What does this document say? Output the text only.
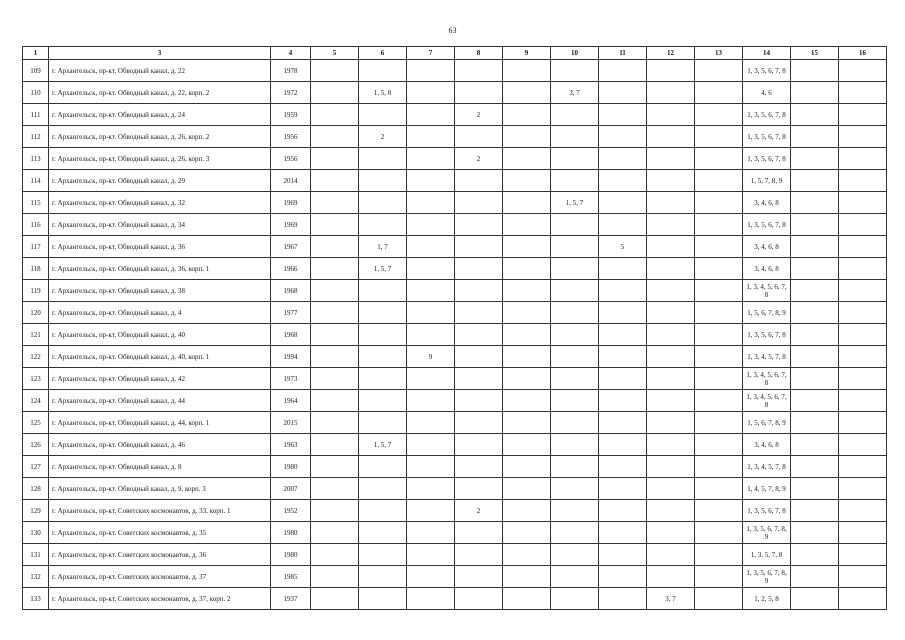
63
1	3	4	5	6	7	8	9	10	11	12	13	14	15	16
109	г. Архангельск, пр-кт. Обводный канал, д. 22	1978										1, 3, 5, 6, 7, 8		
110	г. Архангельск, пр-кт. Обводный канал, д. 22, корп. 2	1972		1, 5, 8				3, 7				4, 6		
111	г. Архангельск, пр-кт. Обводный канал, д. 24	1959				2						1, 3, 5, 6, 7, 8		
112	г. Архангельск, пр-кт. Обводный канал, д. 26, корп. 2	1956		2								1, 3, 5, 6, 7, 8		
113	г. Архангельск, пр-кт. Обводный канал, д. 26, корп. 3	1956				2						1, 3, 5, 6, 7, 8		
114	г. Архангельск, пр-кт. Обводный канал, д. 29	2014										1, 5, 7, 8, 9		
115	г. Архангельск, пр-кт. Обводный канал, д. 32	1969						1, 5, 7				3, 4, 6, 8		
116	г. Архангельск, пр-кт. Обводный канал, д. 34	1969										1, 3, 5, 6, 7, 8		
117	г. Архангельск, пр-кт. Обводный канал, д. 36	1967		1, 7					5			3, 4, 6, 8		
118	г. Архангельск, пр-кт. Обводный канал, д. 36, корп. 1	1966		1, 5, 7								3, 4, 6, 8		
119	г. Архангельск, пр-кт. Обводный канал, д. 38	1968										1, 3, 4, 5, 6, 7, 8		
120	г. Архангельск, пр-кт. Обводный канал, д. 4	1977										1, 5, 6, 7, 8, 9		
121	г. Архангельск, пр-кт. Обводный канал, д. 40	1968										1, 3, 5, 6, 7, 8		
122	г. Архангельск, пр-кт. Обводный канал, д. 40, корп. 1	1994			9							1, 3, 4, 5, 7, 8		
123	г. Архангельск, пр-кт. Обводный канал, д. 42	1973										1, 3, 4, 5, 6, 7, 8		
124	г. Архангельск, пр-кт. Обводный канал, д. 44	1964										1, 3, 4, 5, 6, 7, 8		
125	г. Архангельск, пр-кт. Обводный канал, д. 44, корп. 1	2015										1, 5, 6, 7, 8, 9		
126	г. Архангельск, пр-кт. Обводный канал, д. 46	1963		1, 5, 7								3, 4, 6, 8		
127	г. Архангельск, пр-кт. Обводный канал, д. 8	1980										1, 3, 4, 5, 7, 8		
128	г. Архангельск, пр-кт. Обводный канал, д. 9, корп. 3	2007										1, 4, 5, 7, 8, 9		
129	г. Архангельск, пр-кт. Советских космонавтов, д. 33, корп. 1	1952				2						1, 3, 5, 6, 7, 8		
130	г. Архангельск, пр-кт. Советских космонавтов, д. 35	1980										1, 3, 5, 6, 7, 8, 9		
131	г. Архангельск, пр-кт. Советских космонавтов, д. 36	1980										1, 3, 5, 7, 8		
132	г. Архангельск, пр-кт. Советских космонавтов, д. 37	1985										1, 3, 5, 6, 7, 8, 9		
133	г. Архангельск, пр-кт. Советских космонавтов, д. 37, корп. 2	1937								3, 7		1, 2, 5, 8		
